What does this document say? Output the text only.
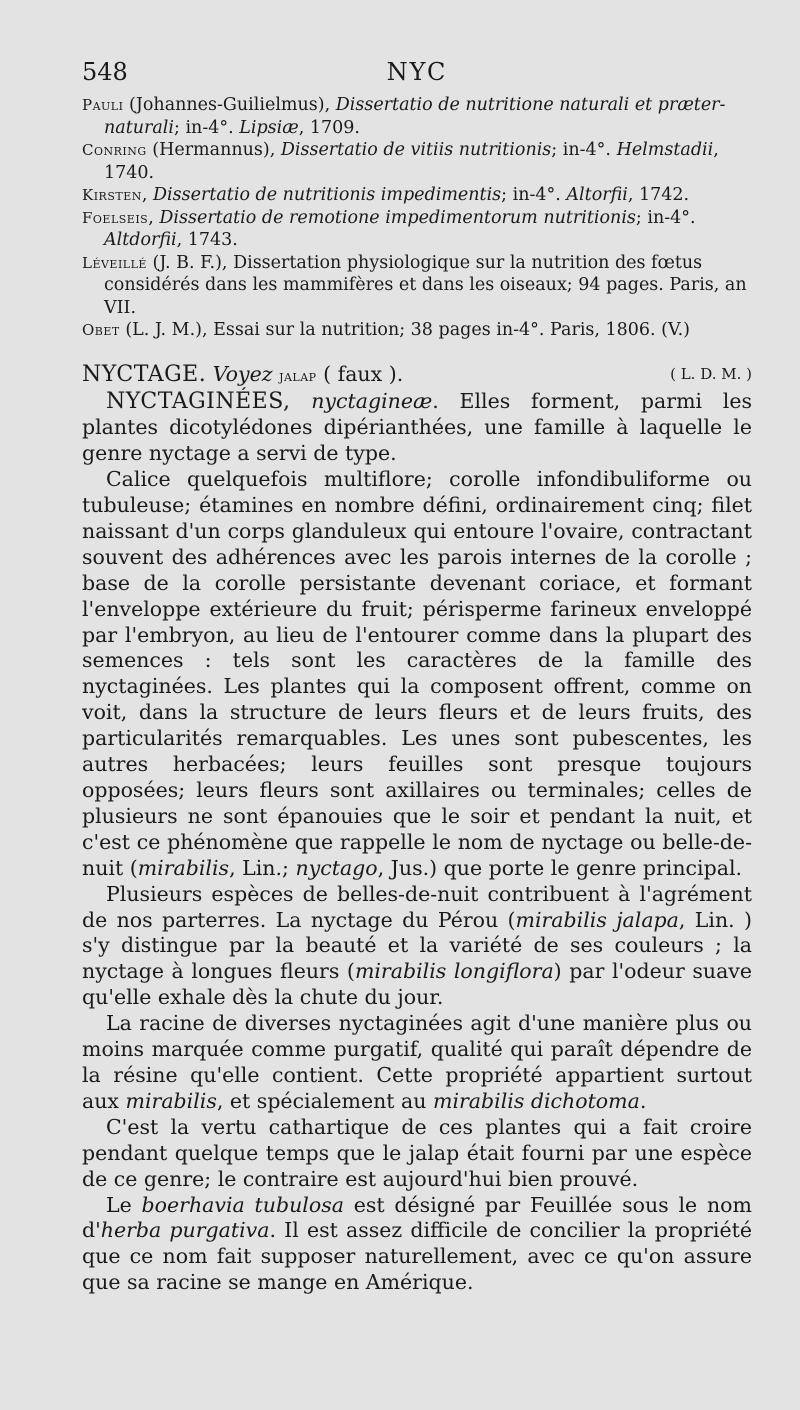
548	NYC

Pauli (Johannes-Guilielmus), Dissertatio de nutritione naturali et præter-naturali; in-4°. Lipsiæ, 1709.

Conring (Hermannus), Dissertatio de vitiis nutritionis; in-4°. Helmstadii, 1740.

Kirsten, Dissertatio de nutritionis impedimentis; in-4°. Altorfii, 1742.

Foelseis, Dissertatio de remotione impedimentorum nutritionis; in-4°. Altdorfii, 1743.

Léveillé (J. B. F.), Dissertation physiologique sur la nutrition des fœtus considérés dans les mammifères et dans les oiseaux; 94 pages. Paris, an VII.

Obet (L. J. M.), Essai sur la nutrition; 38 pages in-4°. Paris, 1806. (V.)

NYCTAGE. Voyez jalap ( faux ).	( L. D. M. )

NYCTAGINÉES, nyctagineæ. Elles forment, parmi les plantes dicotylédones dipérianthées, une famille à laquelle le genre nyctage a servi de type.

Calice quelquefois multiflore; corolle infondibuliforme ou tubuleuse; étamines en nombre défini, ordinairement cinq; filet naissant d'un corps glanduleux qui entoure l'ovaire, contractant souvent des adhérences avec les parois internes de la corolle ; base de la corolle persistante devenant coriace, et formant l'enveloppe extérieure du fruit; périsperme farineux enveloppé par l'embryon, au lieu de l'entourer comme dans la plupart des semences : tels sont les caractères de la famille des nyctaginées. Les plantes qui la composent offrent, comme on voit, dans la structure de leurs fleurs et de leurs fruits, des particularités remarquables. Les unes sont pubescentes, les autres herbacées; leurs feuilles sont presque toujours opposées; leurs fleurs sont axillaires ou terminales; celles de plusieurs ne sont épanouies que le soir et pendant la nuit, et c'est ce phénomène que rappelle le nom de nyctage ou belle-de-nuit (mirabilis, Lin.; nyctago, Jus.) que porte le genre principal.

Plusieurs espèces de belles-de-nuit contribuent à l'agrément de nos parterres. La nyctage du Pérou (mirabilis jalapa, Lin. ) s'y distingue par la beauté et la variété de ses couleurs ; la nyctage à longues fleurs (mirabilis longiflora) par l'odeur suave qu'elle exhale dès la chute du jour.

La racine de diverses nyctaginées agit d'une manière plus ou moins marquée comme purgatif, qualité qui paraît dépendre de la résine qu'elle contient. Cette propriété appartient surtout aux mirabilis, et spécialement au mirabilis dichotoma.

C'est la vertu cathartique de ces plantes qui a fait croire pendant quelque temps que le jalap était fourni par une espèce de ce genre; le contraire est aujourd'hui bien prouvé.

Le boerhavia tubulosa est désigné par Feuillée sous le nom d'herba purgativa. Il est assez difficile de concilier la propriété que ce nom fait supposer naturellement, avec ce qu'on assure que sa racine se mange en Amérique.
